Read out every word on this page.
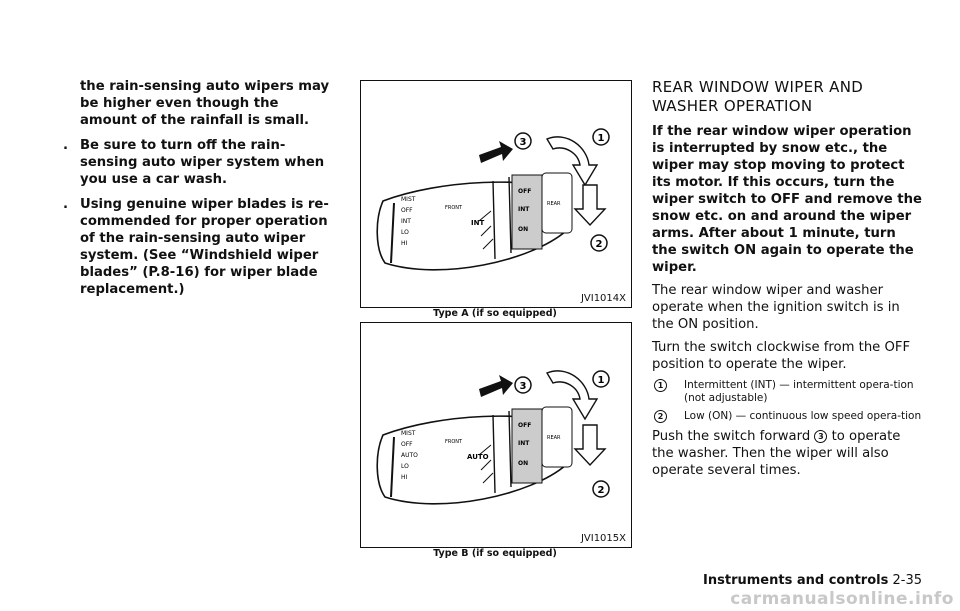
the rain-sensing auto wipers may be higher even though the amount of the rainfall is small.
. Be sure to turn off the rain-sensing auto wiper system when you use a car wash.
. Using genuine wiper blades is re-commended for proper operation of the rain-sensing auto wiper system. (See “Windshield wiper blades” (P.8-16) for wiper blade replacement.)
MIST
OFF
INT
LO
HI
FRONT
INT
OFF
INT
ON
REAR
3	1
2
JVI1014X
Type A (if so equipped)
MIST
OFF
AUTO
LO
HI
FRONT
AUTO
OFF
INT
ON
REAR
3
1
2
JVI1015X
Type B (if so equipped)
REAR WINDOW WIPER AND WASHER OPERATION
If the rear window wiper operation is interrupted by snow etc., the wiper may stop moving to protect its motor. If this occurs, turn the wiper switch to OFF and remove the snow etc. on and around the wiper arms. After about 1 minute, turn the switch ON again to operate the wiper.
The rear window wiper and washer operate when the ignition switch is in the ON position.
Turn the switch clockwise from the OFF position to operate the wiper.
1	Intermittent (INT) — intermittent opera-tion (not adjustable)
2	Low (ON) — continuous low speed opera-tion
Push the switch forward 3 to operate the washer. Then the wiper will also operate several times.
Instruments and controls 2-35
carmanualsonline.info
